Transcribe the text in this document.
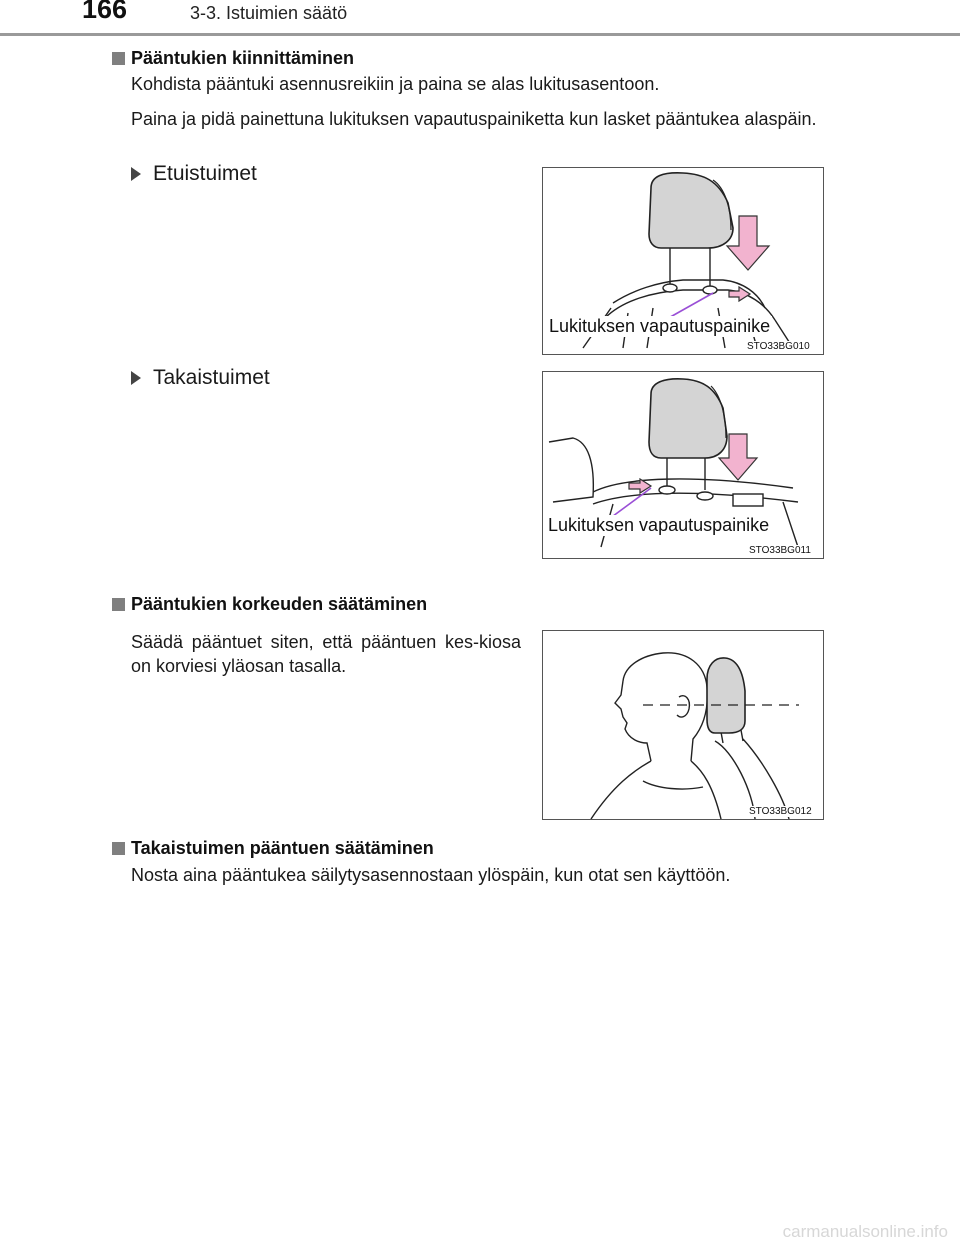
166	3-3. Istuimien säätö
Pääntukien kiinnittäminen
Kohdista pääntuki asennusreikiin ja paina se alas lukitusasentoon.
Paina ja pidä painettuna lukituksen vapautuspainiketta kun lasket pääntukea alaspäin.
Etuistuimet
Lukituksen vapautuspainike
STO33BG010
Takaistuimet
Lukituksen vapautuspainike
STO33BG011
Pääntukien korkeuden säätäminen
Säädä pääntuet siten, että pääntuen kes-kiosa on korviesi yläosan tasalla.
STO33BG012
Takaistuimen pääntuen säätäminen
Nosta aina pääntukea säilytysasennostaan ylöspäin, kun otat sen käyttöön.
carmanualsonline.info
